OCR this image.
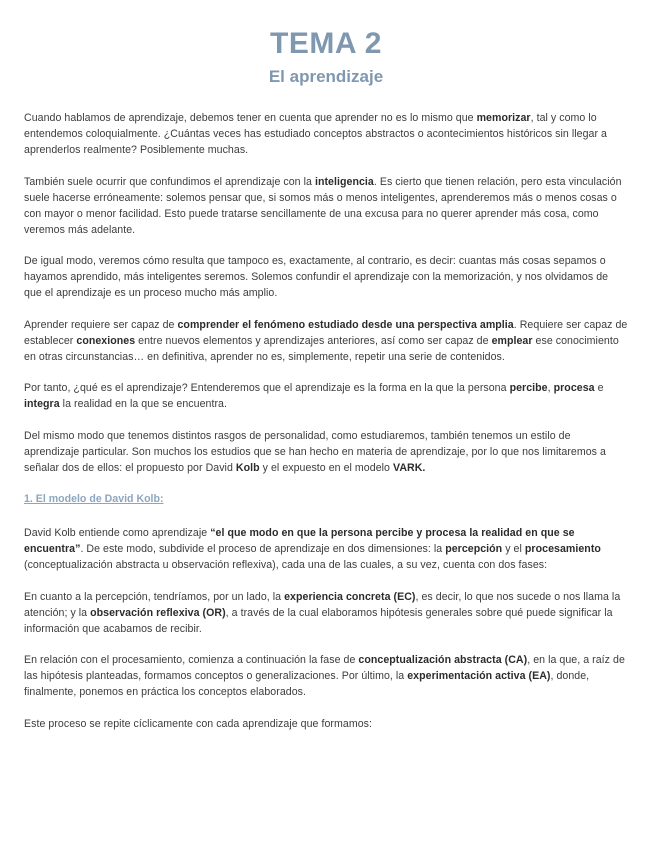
TEMA 2
El aprendizaje

Cuando hablamos de aprendizaje, debemos tener en cuenta que aprender no es lo mismo que memorizar, tal y como lo entendemos coloquialmente. ¿Cuántas veces has estudiado conceptos abstractos o acontecimientos históricos sin llegar a aprenderlos realmente? Posiblemente muchas.

También suele ocurrir que confundimos el aprendizaje con la inteligencia. Es cierto que tienen relación, pero esta vinculación suele hacerse erróneamente: solemos pensar que, si somos más o menos inteligentes, aprenderemos más o menos cosas o con mayor o menor facilidad. Esto puede tratarse sencillamente de una excusa para no querer aprender más cosa, como veremos más adelante.

De igual modo, veremos cómo resulta que tampoco es, exactamente, al contrario, es decir: cuantas más cosas sepamos o hayamos aprendido, más inteligentes seremos. Solemos confundir el aprendizaje con la memorización, y nos olvidamos de que el aprendizaje es un proceso mucho más amplio.

Aprender requiere ser capaz de comprender el fenómeno estudiado desde una perspectiva amplia. Requiere ser capaz de establecer conexiones entre nuevos elementos y aprendizajes anteriores, así como ser capaz de emplear ese conocimiento en otras circunstancias… en definitiva, aprender no es, simplemente, repetir una serie de contenidos.

Por tanto, ¿qué es el aprendizaje? Entenderemos que el aprendizaje es la forma en la que la persona percibe, procesa e integra la realidad en la que se encuentra.

Del mismo modo que tenemos distintos rasgos de personalidad, como estudiaremos, también tenemos un estilo de aprendizaje particular. Son muchos los estudios que se han hecho en materia de aprendizaje, por lo que nos limitaremos a señalar dos de ellos: el propuesto por David Kolb y el expuesto en el modelo VARK.

1. El modelo de David Kolb:

David Kolb entiende como aprendizaje “el que modo en que la persona percibe y procesa la realidad en que se encuentra”. De este modo, subdivide el proceso de aprendizaje en dos dimensiones: la percepción y el procesamiento (conceptualización abstracta u observación reflexiva), cada una de las cuales, a su vez, cuenta con dos fases:

En cuanto a la percepción, tendríamos, por un lado, la experiencia concreta (EC), es decir, lo que nos sucede o nos llama la atención; y la observación reflexiva (OR), a través de la cual elaboramos hipótesis generales sobre qué puede significar la información que acabamos de recibir.

En relación con el procesamiento, comienza a continuación la fase de conceptualización abstracta (CA), en la que, a raíz de las hipótesis planteadas, formamos conceptos o generalizaciones. Por último, la experimentación activa (EA), donde, finalmente, ponemos en práctica los conceptos elaborados.

Este proceso se repite cíclicamente con cada aprendizaje que formamos:
